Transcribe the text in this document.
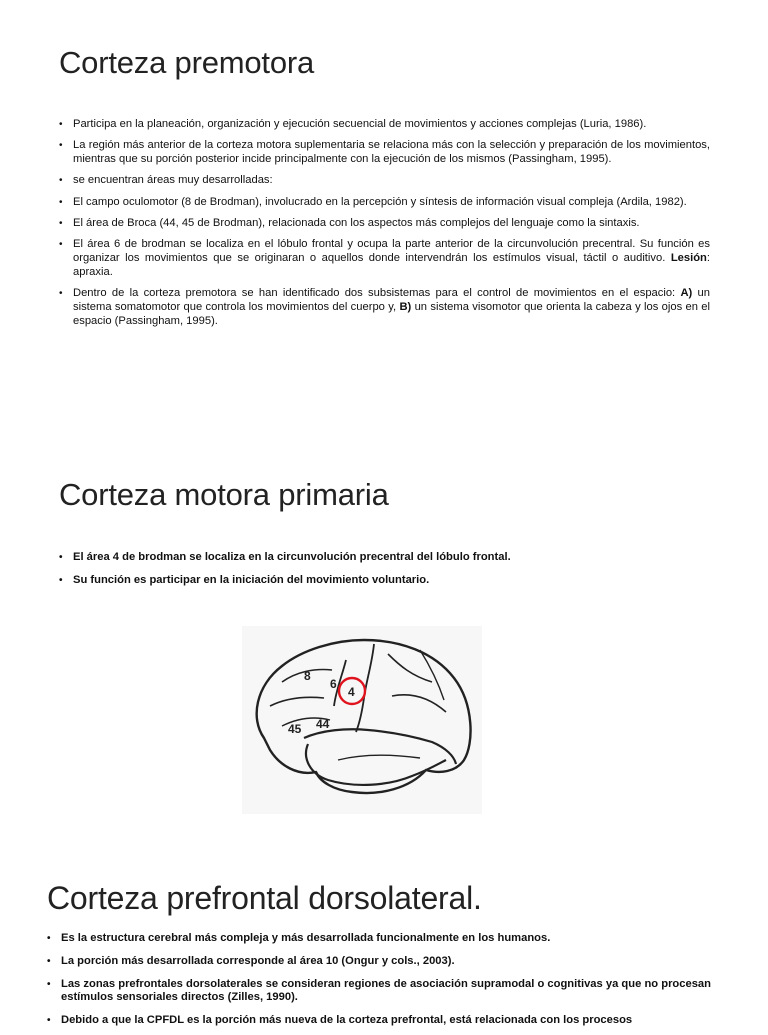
Corteza premotora
• Participa en la planeación, organización y ejecución secuencial de movimientos y acciones complejas (Luria, 1986).
• La región más anterior de la corteza motora suplementaria se relaciona más con la selección y preparación de los movimientos, mientras que su porción posterior incide principalmente con la ejecución de los mismos (Passingham, 1995).
• se encuentran áreas muy desarrolladas:
• El campo oculomotor (8 de Brodman), involucrado en la percepción y síntesis de información visual compleja (Ardila, 1982).
• El área de Broca (44, 45 de Brodman), relacionada con los aspectos más complejos del lenguaje como la sintaxis.
• El área 6 de brodman se localiza en el lóbulo frontal y ocupa la parte anterior de la circunvolución precentral. Su función es organizar los movimientos que se originaran o aquellos donde intervendrán los estímulos visual, táctil o auditivo. Lesión: apraxia.
• Dentro de la corteza premotora se han identificado dos subsistemas para el control de movimientos en el espacio: A) un sistema somatomotor que controla los movimientos del cuerpo y, B) un sistema visomotor que orienta la cabeza y los ojos en el espacio (Passingham, 1995).
Corteza motora primaria
• El área 4 de brodman se localiza en la circunvolución precentral del lóbulo frontal.
• Su función es participar en la iniciación del movimiento voluntario.
8
6
4
45 44
Corteza prefrontal dorsolateral.
• Es la estructura cerebral más compleja y más desarrollada funcionalmente en los humanos.
• La porción más desarrollada corresponde al área 10 (Ongur y cols., 2003).
• Las zonas prefrontales dorsolaterales se consideran regiones de asociación supramodal o cognitivas ya que no procesan estímulos sensoriales directos (Zilles, 1990).
• Debido a que la CPFDL es la porción más nueva de la corteza prefrontal, está relacionada con los procesos
